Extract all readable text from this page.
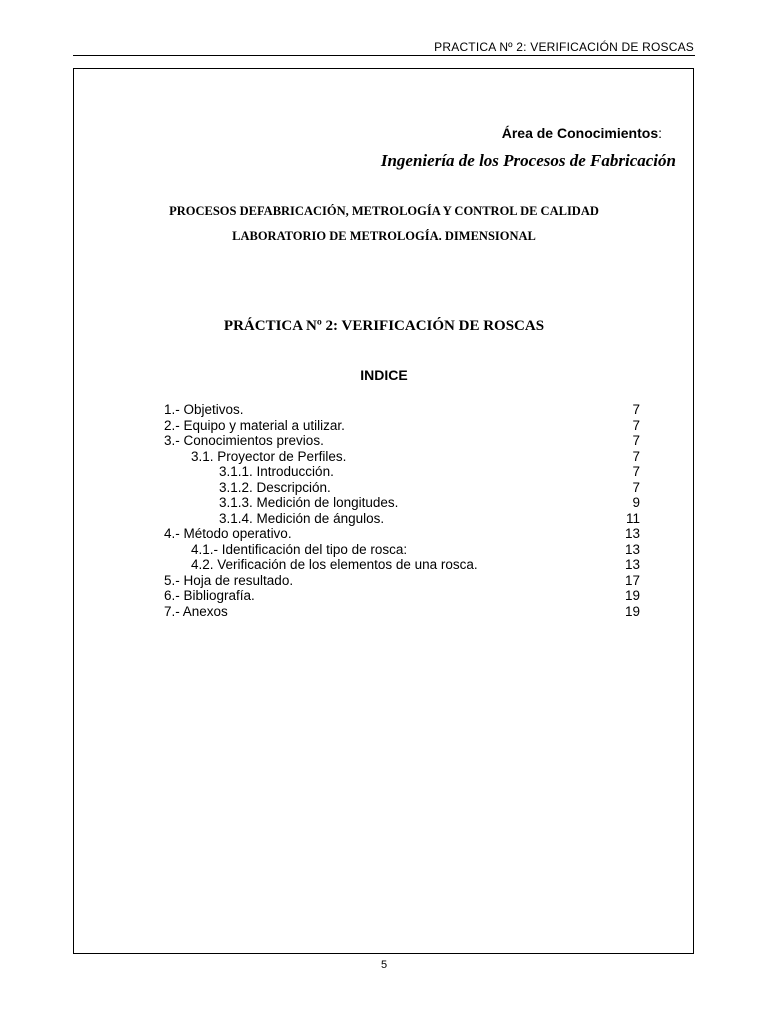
PRACTICA Nº 2: VERIFICACIÓN DE ROSCAS
Área de Conocimientos:
Ingeniería de los Procesos de Fabricación
PROCESOS DEFABRICACIÓN, METROLOGÍA Y CONTROL DE CALIDAD
LABORATORIO DE METROLOGÍA. DIMENSIONAL
PRÁCTICA Nº 2: VERIFICACIÓN DE ROSCAS
INDICE
1.- Objetivos.	7
2.- Equipo y material a utilizar.	7
3.- Conocimientos previos.	7
3.1. Proyector de Perfiles.	7
3.1.1. Introducción.	7
3.1.2. Descripción.	7
3.1.3. Medición de longitudes.	9
3.1.4. Medición de ángulos.	11
4.- Método operativo.	13
4.1.- Identificación del tipo de rosca:	13
4.2. Verificación de los elementos de una rosca.	13
5.- Hoja de resultado.	17
6.- Bibliografía.	19
7.- Anexos	19
5
